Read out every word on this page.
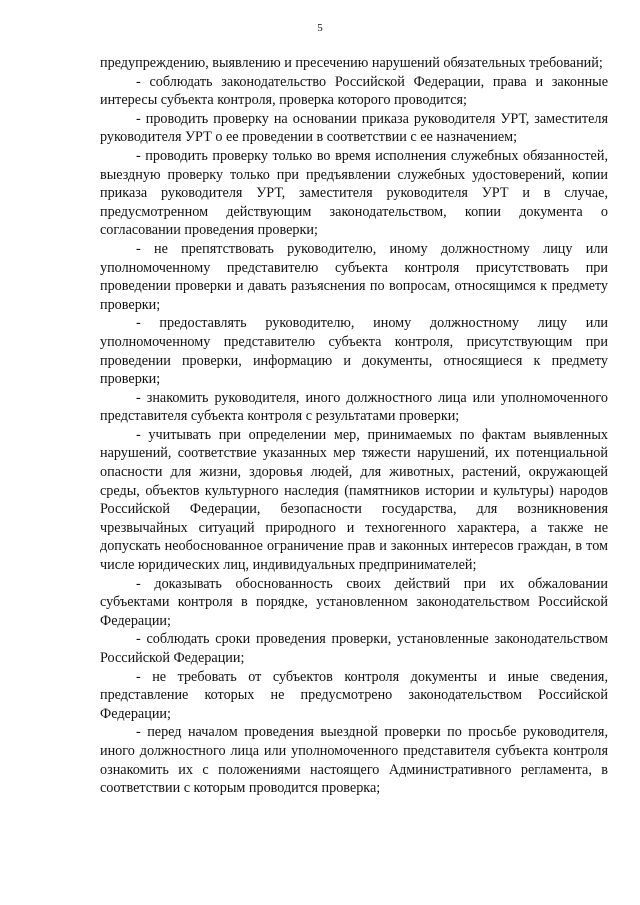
5

предупреждению, выявлению и пресечению нарушений обязательных требований;

- соблюдать законодательство Российской Федерации, права и законные интересы субъекта контроля, проверка которого проводится;

- проводить проверку на основании приказа руководителя УРТ, заместителя руководителя УРТ о ее проведении в соответствии с ее назначением;

- проводить проверку только во время исполнения служебных обязанностей, выездную проверку только при предъявлении служебных удостоверений, копии приказа руководителя УРТ, заместителя руководителя УРТ и в случае, предусмотренном действующим законодательством, копии документа о согласовании проведения проверки;

- не препятствовать руководителю, иному должностному лицу или уполномоченному представителю субъекта контроля присутствовать при проведении проверки и давать разъяснения по вопросам, относящимся к предмету проверки;

- предоставлять руководителю, иному должностному лицу или уполномоченному представителю субъекта контроля, присутствующим при проведении проверки, информацию и документы, относящиеся к предмету проверки;

- знакомить руководителя, иного должностного лица или уполномоченного представителя субъекта контроля с результатами проверки;

- учитывать при определении мер, принимаемых по фактам выявленных нарушений, соответствие указанных мер тяжести нарушений, их потенциальной опасности для жизни, здоровья людей, для животных, растений, окружающей среды, объектов культурного наследия (памятников истории и культуры) народов Российской Федерации, безопасности государства, для возникновения чрезвычайных ситуаций природного и техногенного характера, а также не допускать необоснованное ограничение прав и законных интересов граждан, в том числе юридических лиц, индивидуальных предпринимателей;

- доказывать обоснованность своих действий при их обжаловании субъектами контроля в порядке, установленном законодательством Российской Федерации;

- соблюдать сроки проведения проверки, установленные законодательством Российской Федерации;

- не требовать от субъектов контроля документы и иные сведения, представление которых не предусмотрено законодательством Российской Федерации;

- перед началом проведения выездной проверки по просьбе руководителя, иного должностного лица или уполномоченного представителя субъекта контроля ознакомить их с положениями настоящего Административного регламента, в соответствии с которым проводится проверка;
